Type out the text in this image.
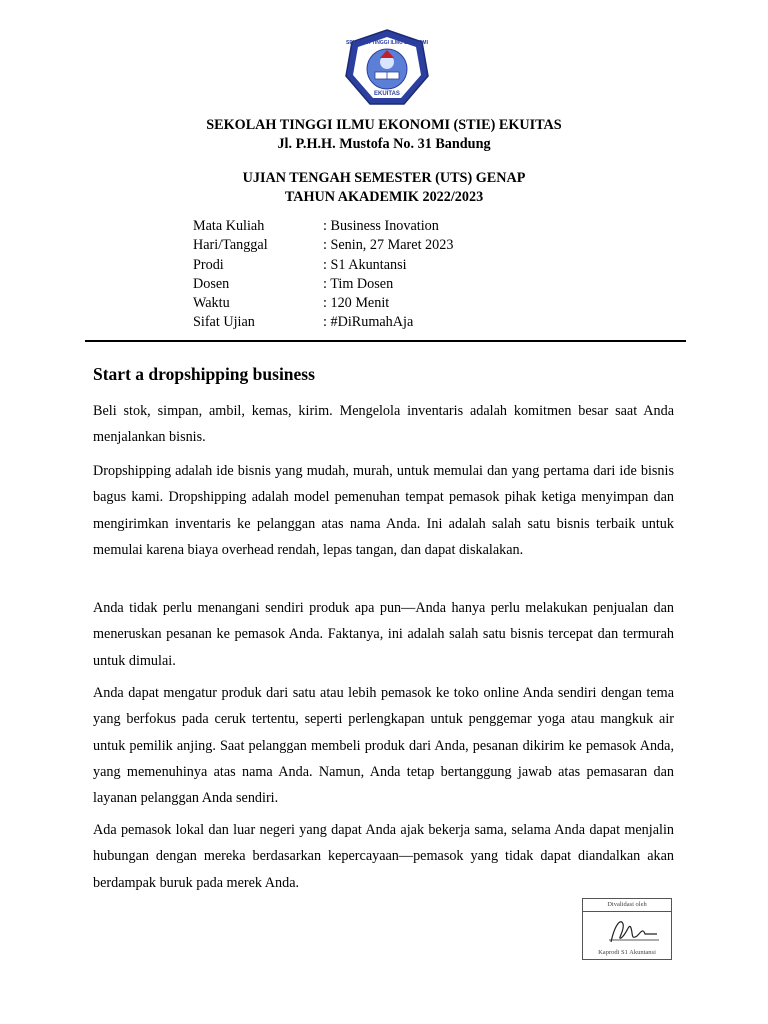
SEKOLAH TINGGI ILMU EKONOMI
EKUITAS
SEKOLAH TINGGI ILMU EKONOMI (STIE) EKUITAS
Jl. P.H.H. Mustofa No. 31 Bandung
UJIAN TENGAH SEMESTER (UTS) GENAP
TAHUN AKADEMIK 2022/2023
Mata Kuliah	: Business Inovation
Hari/Tanggal	: Senin, 27 Maret 2023
Prodi	: S1 Akuntansi
Dosen	: Tim Dosen
Waktu	: 120 Menit
Sifat Ujian	: #DiRumahAja
Start a dropshipping business

Beli stok, simpan, ambil, kemas, kirim. Mengelola inventaris adalah komitmen besar saat Anda menjalankan bisnis.

Dropshipping adalah ide bisnis yang mudah, murah, untuk memulai dan yang pertama dari ide bisnis bagus kami. Dropshipping adalah model pemenuhan tempat pemasok pihak ketiga menyimpan dan mengirimkan inventaris ke pelanggan atas nama Anda. Ini adalah salah satu bisnis terbaik untuk memulai karena biaya overhead rendah, lepas tangan, dan dapat diskalakan.

Anda tidak perlu menangani sendiri produk apa pun—Anda hanya perlu melakukan penjualan dan meneruskan pesanan ke pemasok Anda. Faktanya, ini adalah salah satu bisnis tercepat dan termurah untuk dimulai.

Anda dapat mengatur produk dari satu atau lebih pemasok ke toko online Anda sendiri dengan tema yang berfokus pada ceruk tertentu, seperti perlengkapan untuk penggemar yoga atau mangkuk air untuk pemilik anjing. Saat pelanggan membeli produk dari Anda, pesanan dikirim ke pemasok Anda, yang memenuhinya atas nama Anda. Namun, Anda tetap bertanggung jawab atas pemasaran dan layanan pelanggan Anda sendiri.

Ada pemasok lokal dan luar negeri yang dapat Anda ajak bekerja sama, selama Anda dapat menjalin hubungan dengan mereka berdasarkan kepercayaan—pemasok yang tidak dapat diandalkan akan berdampak buruk pada merek Anda.

Divalidasi oleh
Kaprodi S1 Akuntansi
